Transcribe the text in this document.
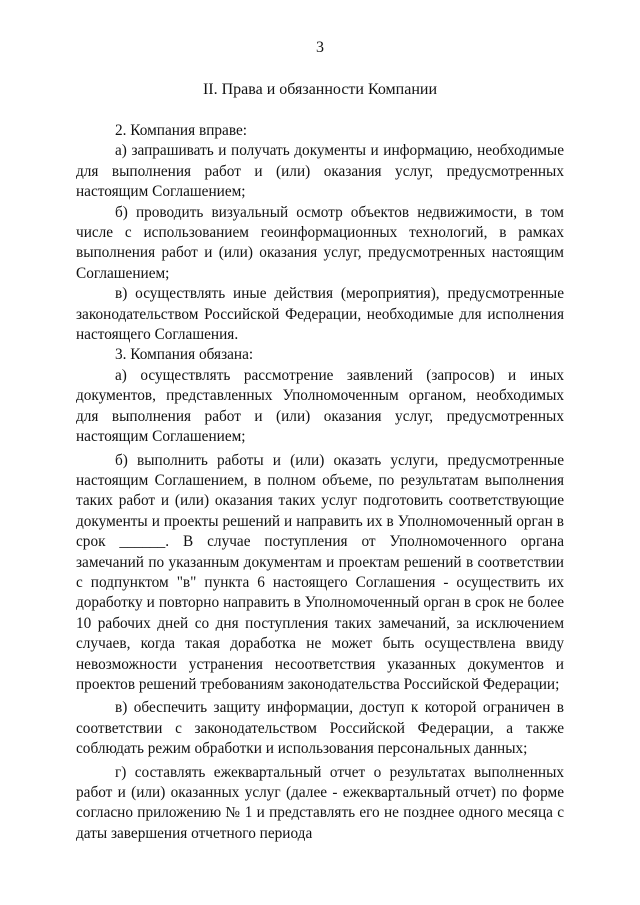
3
II. Права и обязанности Компании

2. Компания вправе:

а) запрашивать и получать документы и информацию, необходимые для выполнения работ и (или) оказания услуг, предусмотренных настоящим Соглашением;

б) проводить визуальный осмотр объектов недвижимости, в том числе с использованием геоинформационных технологий, в рамках выполнения работ и (или) оказания услуг, предусмотренных настоящим Соглашением;

в) осуществлять иные действия (мероприятия), предусмотренные законодательством Российской Федерации, необходимые для исполнения настоящего Соглашения.

3. Компания обязана:

а) осуществлять рассмотрение заявлений (запросов) и иных документов, представленных Уполномоченным органом, необходимых для выполнения работ и (или) оказания услуг, предусмотренных настоящим Соглашением;

б) выполнить работы и (или) оказать услуги, предусмотренные настоящим Соглашением, в полном объеме, по результатам выполнения таких работ и (или) оказания таких услуг подготовить соответствующие документы и проекты решений и направить их в Уполномоченный орган в срок ______. В случае поступления от Уполномоченного органа замечаний по указанным документам и проектам решений в соответствии с подпунктом "в" пункта 6 настоящего Соглашения - осуществить их доработку и повторно направить в Уполномоченный орган в срок не более 10 рабочих дней со дня поступления таких замечаний, за исключением случаев, когда такая доработка не может быть осуществлена ввиду невозможности устранения несоответствия указанных документов и проектов решений требованиям законодательства Российской Федерации;

в) обеспечить защиту информации, доступ к которой ограничен в соответствии с законодательством Российской Федерации, а также соблюдать режим обработки и использования персональных данных;

г) составлять ежеквартальный отчет о результатах выполненных работ и (или) оказанных услуг (далее - ежеквартальный отчет) по форме согласно приложению № 1 и представлять его не позднее одного месяца с даты завершения отчетного периода
